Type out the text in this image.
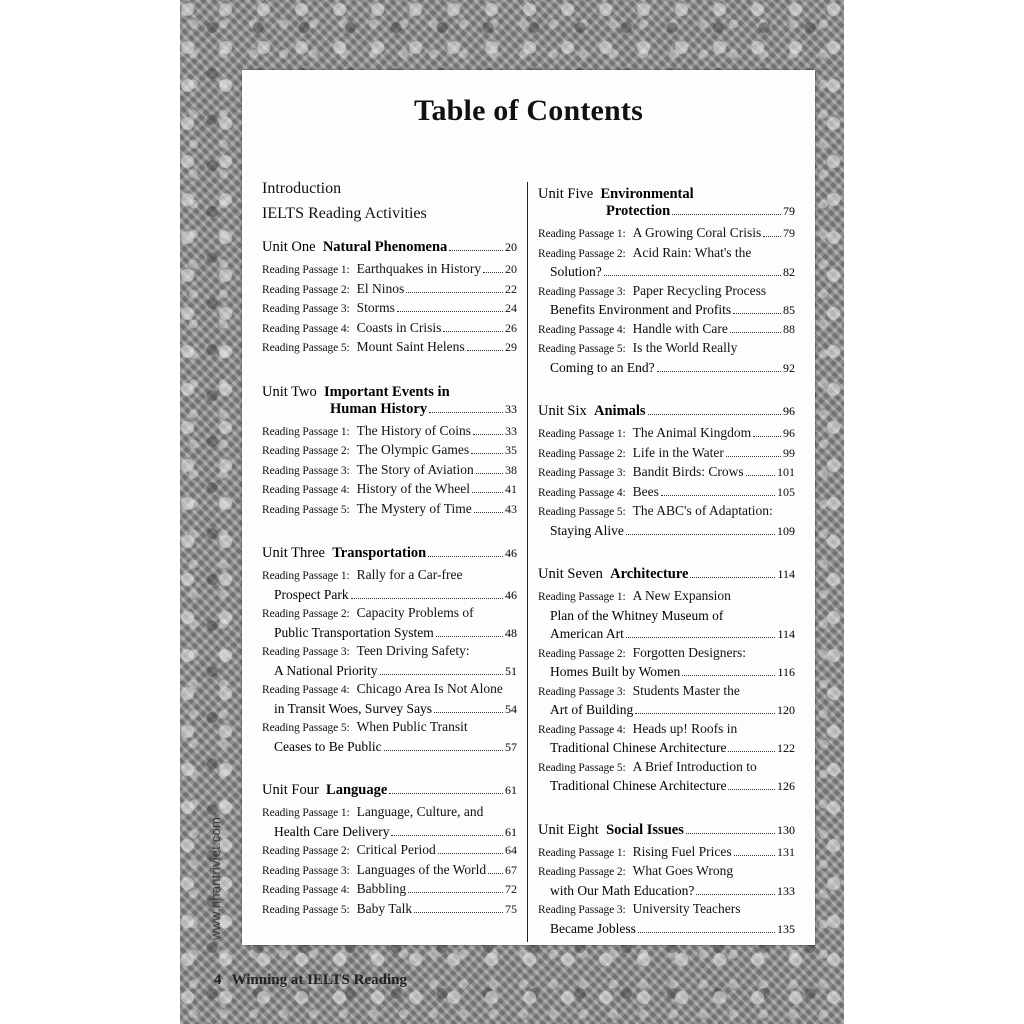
Table of Contents
Introduction
IELTS Reading Activities
Unit One  Natural Phenomena	20
Reading Passage 1: Earthquakes in History 20
Reading Passage 2: El Ninos	22
Reading Passage 3: Storms	24
Reading Passage 4: Coasts in Crisis	26
Reading Passage 5: Mount Saint Helens	29
Unit Two  Important Events in
Human History	33
Reading Passage 1: The History of Coins	33
Reading Passage 2: The Olympic Games	35
Reading Passage 3: The Story of Aviation	38
Reading Passage 4: History of the Wheel	41
Reading Passage 5: The Mystery of Time	43
Unit Three  Transportation	46
Reading Passage 1: Rally for a Car-free
Prospect Park	46
Reading Passage 2: Capacity Problems of
Public Transportation System	48
Reading Passage 3: Teen Driving Safety:
A National Priority	51
Reading Passage 4: Chicago Area Is Not Alone
in Transit Woes, Survey Says	54
Reading Passage 5: When Public Transit
Ceases to Be Public	57
Unit Four  Language	61
Reading Passage 1: Language, Culture, and
Health Care Delivery	61
Reading Passage 2: Critical Period	64
Reading Passage 3: Languages of the World 67
Reading Passage 4: Babbling	72
Reading Passage 5: Baby Talk	75
Unit Five  Environmental
Protection	79
Reading Passage 1: A Growing Coral Crisis 79
Reading Passage 2: Acid Rain: What's the
Solution?	82
Reading Passage 3: Paper Recycling Process
Benefits Environment and Profits	85
Reading Passage 4: Handle with Care	88
Reading Passage 5: Is the World Really
Coming to an End?	92
Unit Six  Animals	96
Reading Passage 1: The Animal Kingdom	96
Reading Passage 2: Life in the Water	99
Reading Passage 3: Bandit Birds: Crows	101
Reading Passage 4: Bees	105
Reading Passage 5: The ABC's of Adaptation:
Staying Alive	109
Unit Seven  Architecture	114
Reading Passage 1: A New Expansion
Plan of the Whitney Museum of
American Art	114
Reading Passage 2: Forgotten Designers:
Homes Built by Women	116
Reading Passage 3: Students Master the
Art of Building	120
Reading Passage 4: Heads up! Roofs in
Traditional Chinese Architecture	122
Reading Passage 5: A Brief Introduction to
Traditional Chinese Architecture	126
Unit Eight  Social Issues	130
Reading Passage 1: Rising Fuel Prices	131
Reading Passage 2: What Goes Wrong
with Our Math Education?	133
Reading Passage 3: University Teachers
Became Jobless	135
www.nhantriviet.com
4 Winning at IELTS Reading
